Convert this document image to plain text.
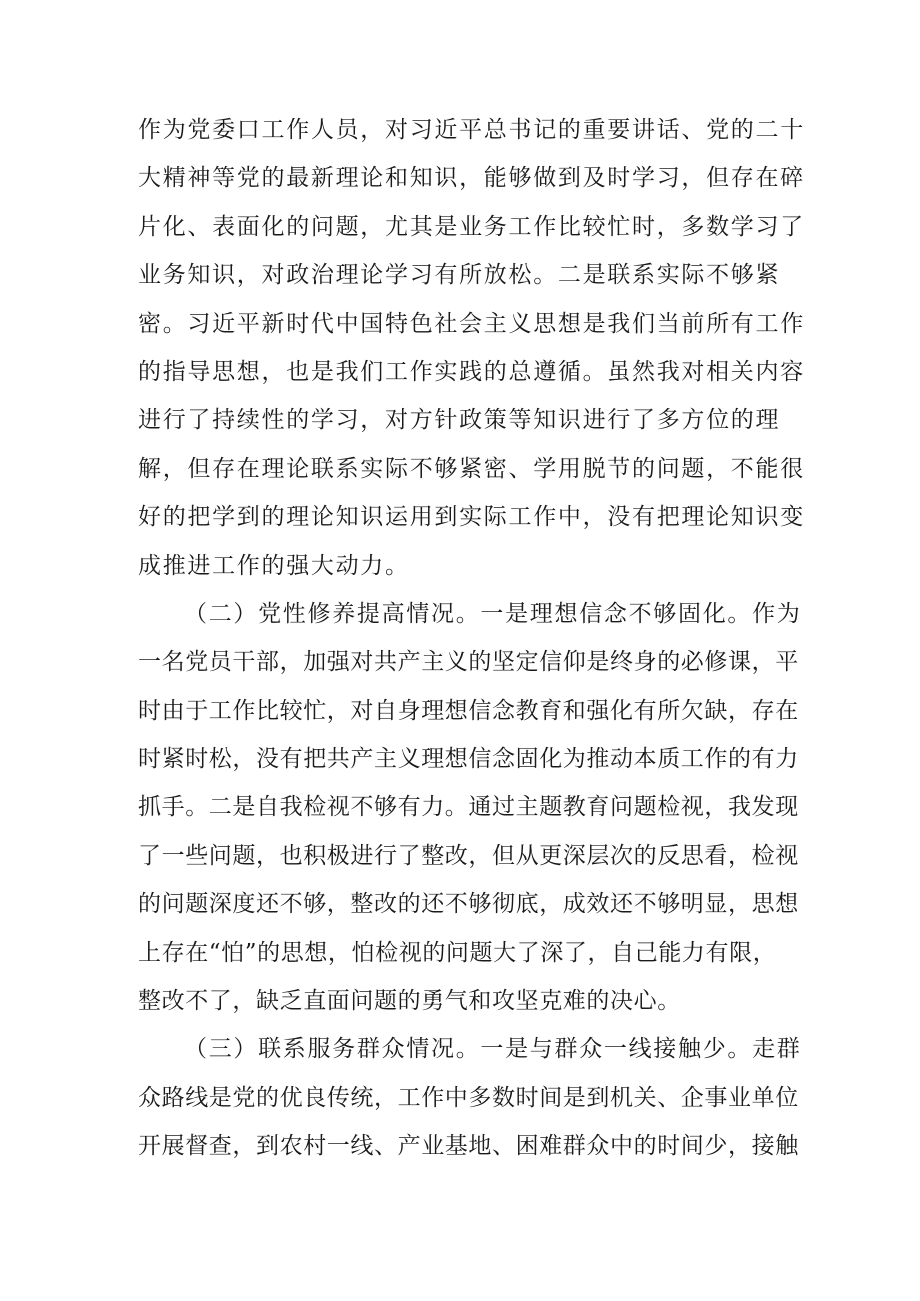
作为党委口工作人员，对习近平总书记的重要讲话、党的二十
大精神等党的最新理论和知识，能够做到及时学习，但存在碎
片化、表面化的问题，尤其是业务工作比较忙时，多数学习了
业务知识，对政治理论学习有所放松。二是联系实际不够紧
密。习近平新时代中国特色社会主义思想是我们当前所有工作
的指导思想，也是我们工作实践的总遵循。虽然我对相关内容
进行了持续性的学习，对方针政策等知识进行了多方位的理
解，但存在理论联系实际不够紧密、学用脱节的问题，不能很
好的把学到的理论知识运用到实际工作中，没有把理论知识变
成推进工作的强大动力。
（二）党性修养提高情况。一是理想信念不够固化。作为
一名党员干部，加强对共产主义的坚定信仰是终身的必修课，平
时由于工作比较忙，对自身理想信念教育和强化有所欠缺，存在
时紧时松，没有把共产主义理想信念固化为推动本质工作的有力
抓手。二是自我检视不够有力。通过主题教育问题检视，我发现
了一些问题，也积极进行了整改，但从更深层次的反思看，检视
的问题深度还不够，整改的还不够彻底，成效还不够明显，思想
上存在“怕”的思想，怕检视的问题大了深了，自己能力有限，
整改不了，缺乏直面问题的勇气和攻坚克难的决心。
（三）联系服务群众情况。一是与群众一线接触少。走群
众路线是党的优良传统，工作中多数时间是到机关、企事业单位
开展督查，到农村一线、产业基地、困难群众中的时间少，接触
